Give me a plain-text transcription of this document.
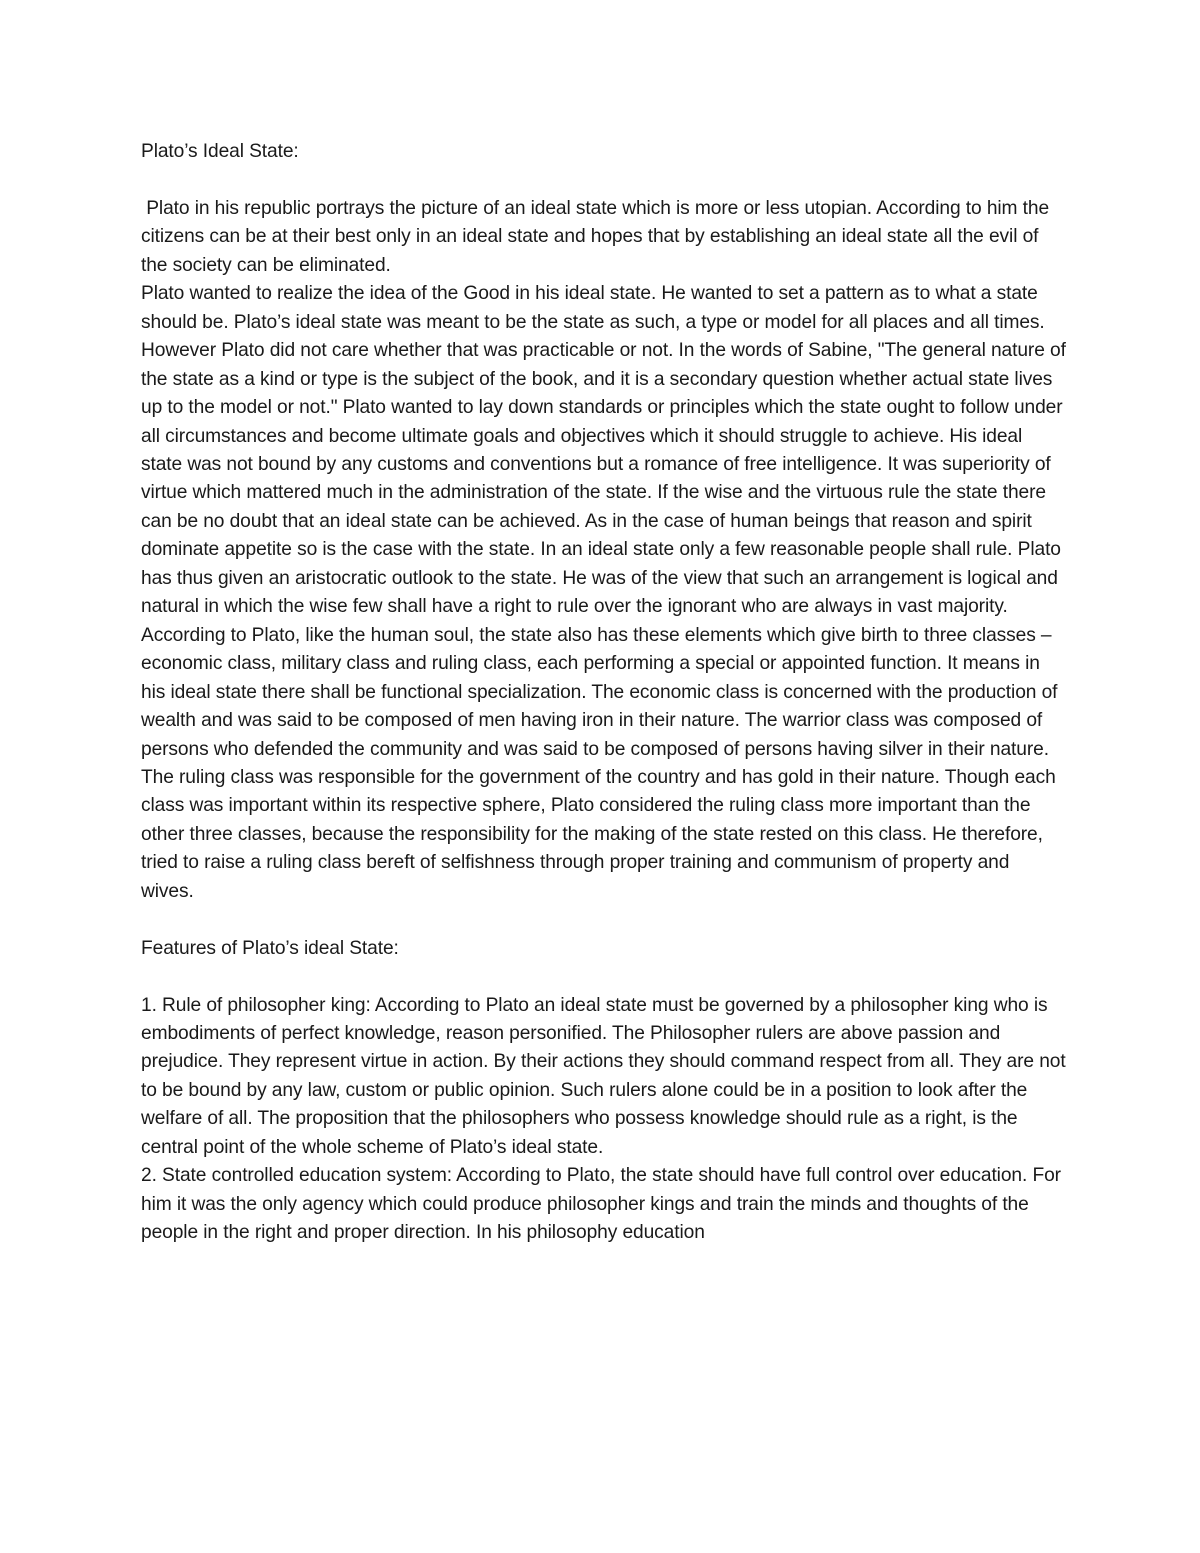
Plato’s Ideal State:

Plato in his republic portrays the picture of an ideal state which is more or less utopian. According to him the citizens can be at their best only in an ideal state and hopes that by establishing an ideal state all the evil of the society can be eliminated.

Plato wanted to realize the idea of the Good in his ideal state. He wanted to set a pattern as to what a state should be. Plato’s ideal state was meant to be the state as such, a type or model for all places and all times. However Plato did not care whether that was practicable or not. In the words of Sabine, "The general nature of the state as a kind or type is the subject of the book, and it is a secondary question whether actual state lives up to the model or not." Plato wanted to lay down standards or principles which the state ought to follow under all circumstances and become ultimate goals and objectives which it should struggle to achieve. His ideal state was not bound by any customs and conventions but a romance of free intelligence. It was superiority of virtue which mattered much in the administration of the state. If the wise and the virtuous rule the state there can be no doubt that an ideal state can be achieved. As in the case of human beings that reason and spirit dominate appetite so is the case with the state. In an ideal state only a few reasonable people shall rule. Plato has thus given an aristocratic outlook to the state. He was of the view that such an arrangement is logical and natural in which the wise few shall have a right to rule over the ignorant who are always in vast majority.

According to Plato, like the human soul, the state also has these elements which give birth to three classes – economic class, military class and ruling class, each performing a special or appointed function. It means in his ideal state there shall be functional specialization. The economic class is concerned with the production of wealth and was said to be composed of men having iron in their nature. The warrior class was composed of persons who defended the community and was said to be composed of persons having silver in their nature. The ruling class was responsible for the government of the country and has gold in their nature. Though each class was important within its respective sphere, Plato considered the ruling class more important than the other three classes, because the responsibility for the making of the state rested on this class. He therefore, tried to raise a ruling class bereft of selfishness through proper training and communism of property and wives.

Features of Plato’s ideal State:

1. Rule of philosopher king: According to Plato an ideal state must be governed by a philosopher king who is embodiments of perfect knowledge, reason personified. The Philosopher rulers are above passion and prejudice. They represent virtue in action. By their actions they should command respect from all. They are not to be bound by any law, custom or public opinion. Such rulers alone could be in a position to look after the welfare of all. The proposition that the philosophers who possess knowledge should rule as a right, is the central point of the whole scheme of Plato’s ideal state.

2. State controlled education system: According to Plato, the state should have full control over education. For him it was the only agency which could produce philosopher kings and train the minds and thoughts of the people in the right and proper direction. In his philosophy education
